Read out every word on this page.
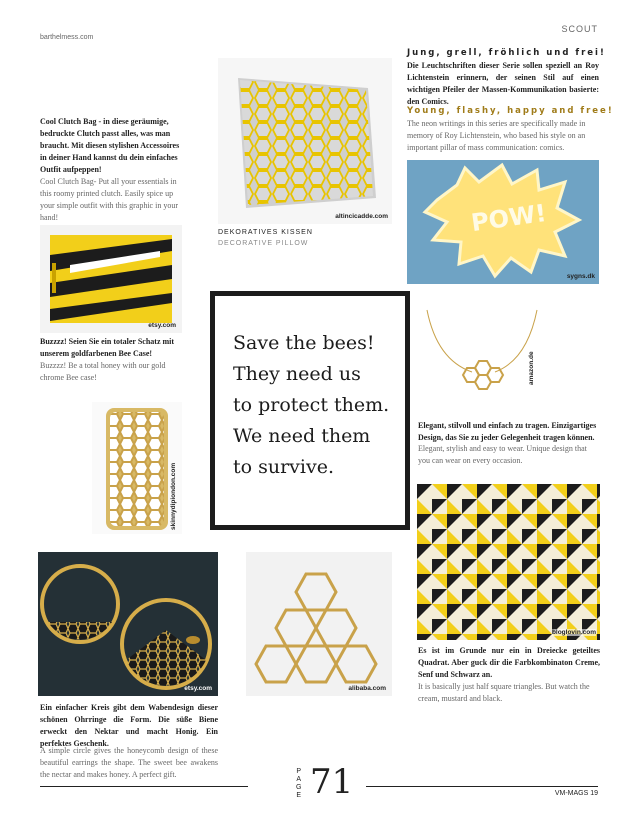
barthelmess.com
SCOUT
altincicadde.com
DEKORATIVES KISSEN
DECORATIVE PILLOW
Jung, grell, fröhlich und frei!
Die Leuchtschriften dieser Serie sollen speziell an Roy Lichtenstein erinnern, der seinen Stil auf einen wichtigen Pfeiler der Massen-Kommunikation basierte: den Comics.
Young, flashy, happy and free!
The neon writings in this series are specifically made in memory of Roy Lichtenstein, who based his style on an important pillar of mass communication: comics.
POW!
sygns.dk
Cool Clutch Bag - in diese geräumige, bedruckte Clutch passt alles, was man braucht. Mit diesen stylishen Accessoires in deiner Hand kannst du dein einfaches Outfit aufpeppen!
Cool Clutch Bag- Put all your essentials in this roomy printed clutch. Easily spice up your simple outfit with this graphic in your hand!
etsy.com
Buzzzz! Seien Sie ein totaler Schatz mit unserem goldfarbenen Bee Case!
Buzzzz! Be a total honey with our gold chrome Bee case!
skinnydipiondon.com
Save the bees!
They need us
to protect them.
We need them
to survive.
amazon.de
Elegant, stilvoll und einfach zu tragen. Einzigartiges Design, das Sie zu jeder Gelegenheit tragen können.
Elegant, stylish and easy to wear. Unique design that you can wear on every occasion.
bloglovin.com
Es ist im Grunde nur ein in Dreiecke geteiltes Quadrat. Aber guck dir die Farbkombinaton Creme, Senf und Schwarz an.
It is basically just half square triangles. But watch the cream, mustard and black.
etsy.com
Ein einfacher Kreis gibt dem Wabendesign dieser schönen Ohrringe die Form. Die süße Biene erweckt den Nektar und macht Honig. Ein perfektes Geschenk.
A simple circle gives the honeycomb design of these beautiful earrings the shape. The sweet bee awakens the nectar and makes honey. A perfect gift.
alibaba.com
P
A
G
E 71	VM-MAGS 19
